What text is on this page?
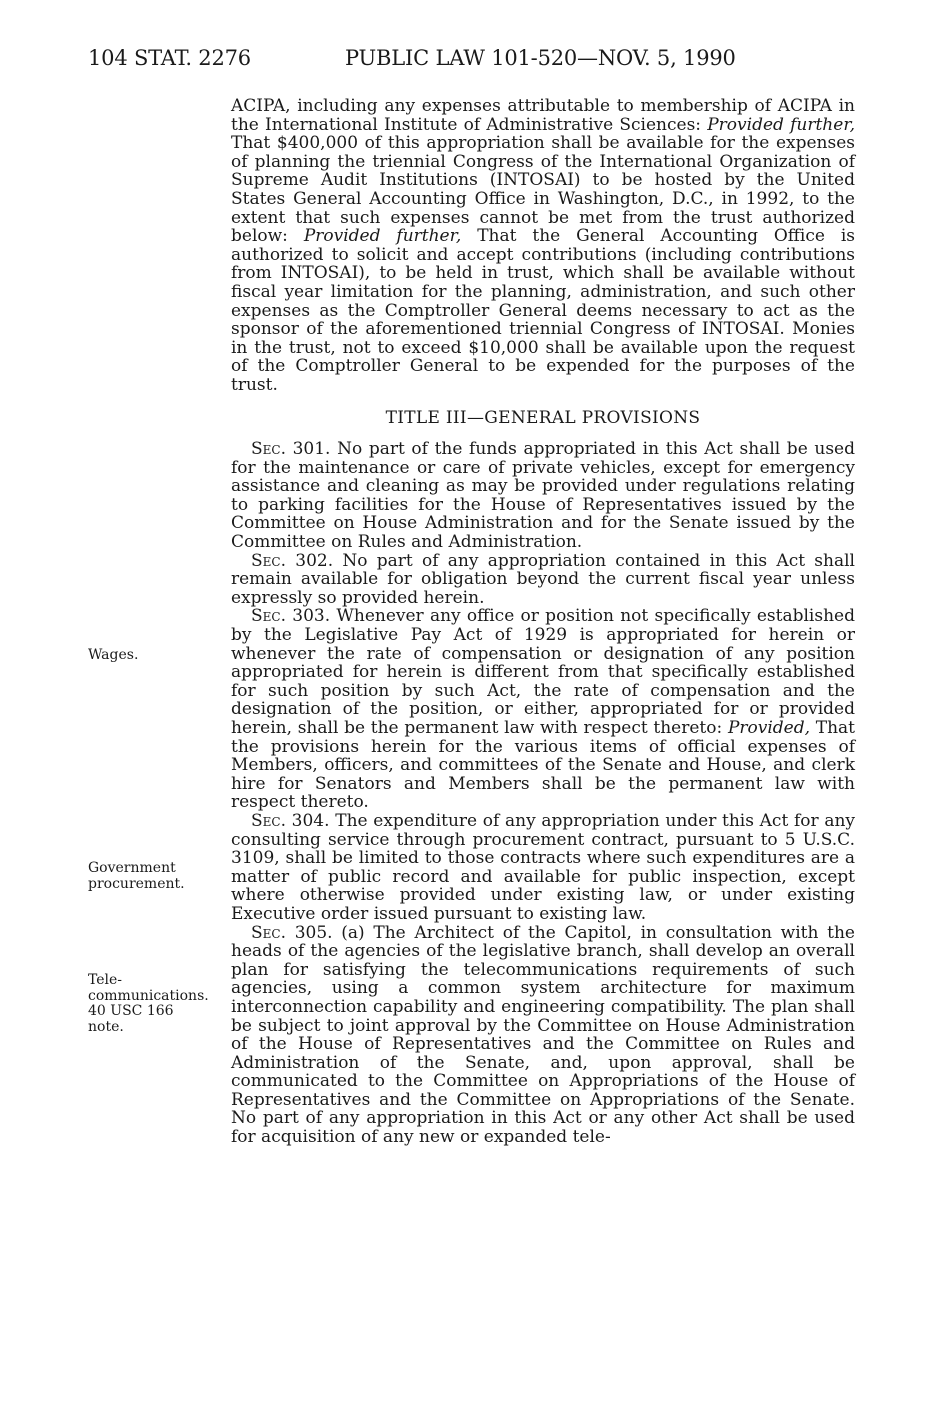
104 STAT. 2276	PUBLIC LAW 101-520—NOV. 5, 1990
Wages.
Government
procurement.
Tele-
communications.
40 USC 166
note.

ACIPA, including any expenses attributable to membership of ACIPA in the International Institute of Administrative Sciences: Provided further, That $400,000 of this appropriation shall be available for the expenses of planning the triennial Congress of the International Organization of Supreme Audit Institutions (INTOSAI) to be hosted by the United States General Accounting Office in Washington, D.C., in 1992, to the extent that such expenses cannot be met from the trust authorized below: Provided further, That the General Accounting Office is authorized to solicit and accept contributions (including contributions from INTOSAI), to be held in trust, which shall be available without fiscal year limitation for the planning, administration, and such other expenses as the Comptroller General deems necessary to act as the sponsor of the aforementioned triennial Congress of INTOSAI. Monies in the trust, not to exceed $10,000 shall be available upon the request of the Comptroller General to be expended for the purposes of the trust.

TITLE III—GENERAL PROVISIONS

Sec. 301. No part of the funds appropriated in this Act shall be used for the maintenance or care of private vehicles, except for emergency assistance and cleaning as may be provided under regulations relating to parking facilities for the House of Representatives issued by the Committee on House Administration and for the Senate issued by the Committee on Rules and Administration.

Sec. 302. No part of any appropriation contained in this Act shall remain available for obligation beyond the current fiscal year unless expressly so provided herein.

Sec. 303. Whenever any office or position not specifically established by the Legislative Pay Act of 1929 is appropriated for herein or whenever the rate of compensation or designation of any position appropriated for herein is different from that specifically established for such position by such Act, the rate of compensation and the designation of the position, or either, appropriated for or provided herein, shall be the permanent law with respect thereto: Provided, That the provisions herein for the various items of official expenses of Members, officers, and committees of the Senate and House, and clerk hire for Senators and Members shall be the permanent law with respect thereto.

Sec. 304. The expenditure of any appropriation under this Act for any consulting service through procurement contract, pursuant to 5 U.S.C. 3109, shall be limited to those contracts where such expenditures are a matter of public record and available for public inspection, except where otherwise provided under existing law, or under existing Executive order issued pursuant to existing law.

Sec. 305. (a) The Architect of the Capitol, in consultation with the heads of the agencies of the legislative branch, shall develop an overall plan for satisfying the telecommunications requirements of such agencies, using a common system architecture for maximum interconnection capability and engineering compatibility. The plan shall be subject to joint approval by the Committee on House Administration of the House of Representatives and the Committee on Rules and Administration of the Senate, and, upon approval, shall be communicated to the Committee on Appropriations of the House of Representatives and the Committee on Appropriations of the Senate. No part of any appropriation in this Act or any other Act shall be used for acquisition of any new or expanded tele-
